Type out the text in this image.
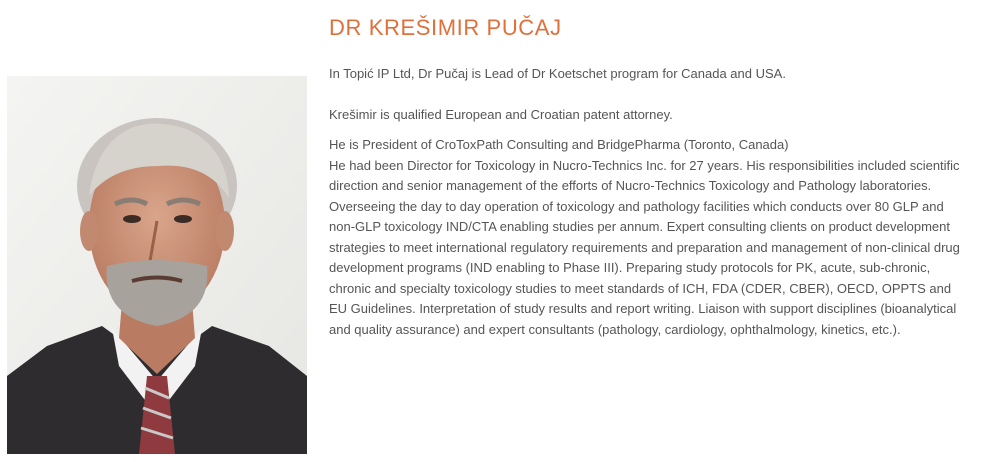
DR KREŠIMIR PUČAJ

In Topić IP Ltd, Dr Pučaj is Lead of Dr Koetschet program for Canada and USA.

Krešimir is qualified European and Croatian patent attorney.

He is President of CroToxPath Consulting and BridgePharma (Toronto, Canada)

He had been Director for Toxicology in Nucro-Technics Inc. for 27 years. His responsibilities included scientific direction and senior management of the efforts of Nucro-Technics Toxicology and Pathology laboratories. Overseeing the day to day operation of toxicology and pathology facilities which conducts over 80 GLP and non-GLP toxicology IND/CTA enabling studies per annum. Expert consulting clients on product development strategies to meet international regulatory requirements and preparation and management of non-clinical drug development programs (IND enabling to Phase III). Preparing study protocols for PK, acute, sub-chronic, chronic and specialty toxicology studies to meet standards of ICH, FDA (CDER, CBER), OECD, OPPTS and EU Guidelines. Interpretation of study results and report writing. Liaison with support disciplines (bioanalytical and quality assurance) and expert consultants (pathology, cardiology, ophthalmology, kinetics, etc.).
